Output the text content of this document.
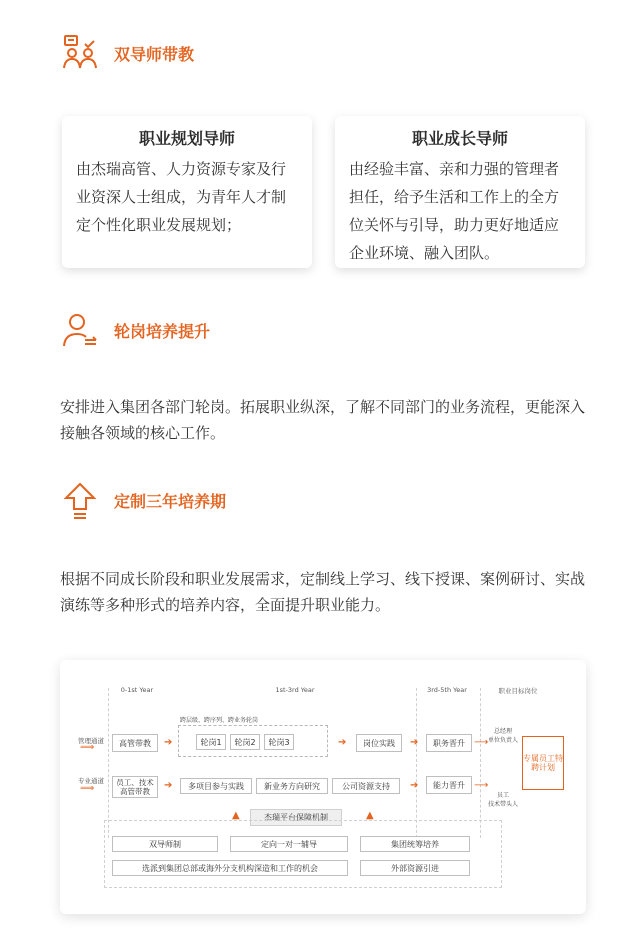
双导师带教
职业规划导师

由杰瑞高管、人力资源专家及行业资深人士组成，为青年人才制定个性化职业发展规划；

职业成长导师

由经验丰富、亲和力强的管理者担任，给予生活和工作上的全方位关怀与引导，助力更好地适应企业环境、融入团队。

轮岗培养提升
安排进入集团各部门轮岗。拓展职业纵深，了解不同部门的业务流程，更能深入接触各领域的核心工作。
定制三年培养期
根据不同成长阶段和职业发展需求，定制线上学习、线下授课、案例研讨、实战演练等多种形式的培养内容，全面提升职业能力。
0-1st Year	1st-3rd Year	3rd-5th Year	职业目标岗位
管理通道
专业通道
⟹
⟹
高管带教	➔
跨层级、跨序列、跨业务轮岗
轮岗1	轮岗2	轮岗3	➔	岗位实践	➔	职务晋升 ⟶
总经理
单位负责人
员工、技术高管带教
➔	多项目参与实践	新业务方向研究	公司资源支持	➔	能力晋升 ⟶
员工
技术带头人
专属员工特聘计划
▲	▲
杰瑞平台保障机制
双导师制	定向一对一辅导	集团统筹培养
选派到集团总部或海外分支机构深造和工作的机会	外部资源引进
